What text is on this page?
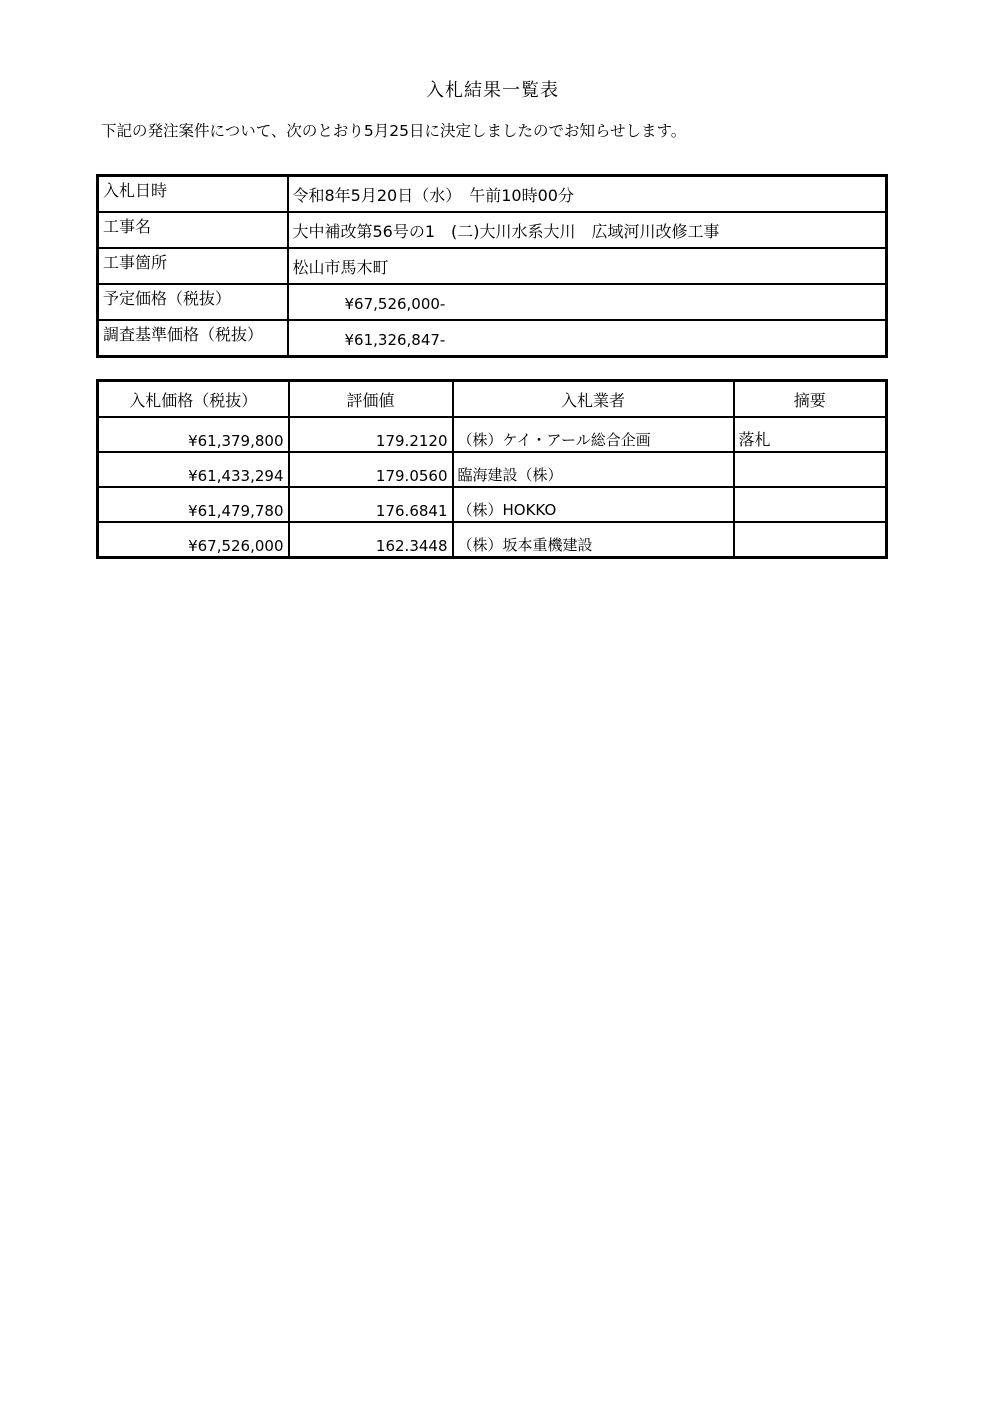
入札結果一覧表
下記の発注案件について、次のとおり5月25日に決定しましたのでお知らせします。
入札日時	令和8年5月20日（水）　午前10時00分
工事名	大中補改第56号の1　(二)大川水系大川　広域河川改修工事
工事箇所	松山市馬木町
予定価格（税抜）	¥67,526,000-
調査基準価格（税抜）	¥61,326,847-
入札価格（税抜）	評価値	入札業者	摘要
¥61,379,800	179.2120	（株）ケイ・アール総合企画	落札
¥61,433,294	179.0560	臨海建設（株）	
¥61,479,780	176.6841	（株）HOKKO	
¥67,526,000	162.3448	（株）坂本重機建設	
